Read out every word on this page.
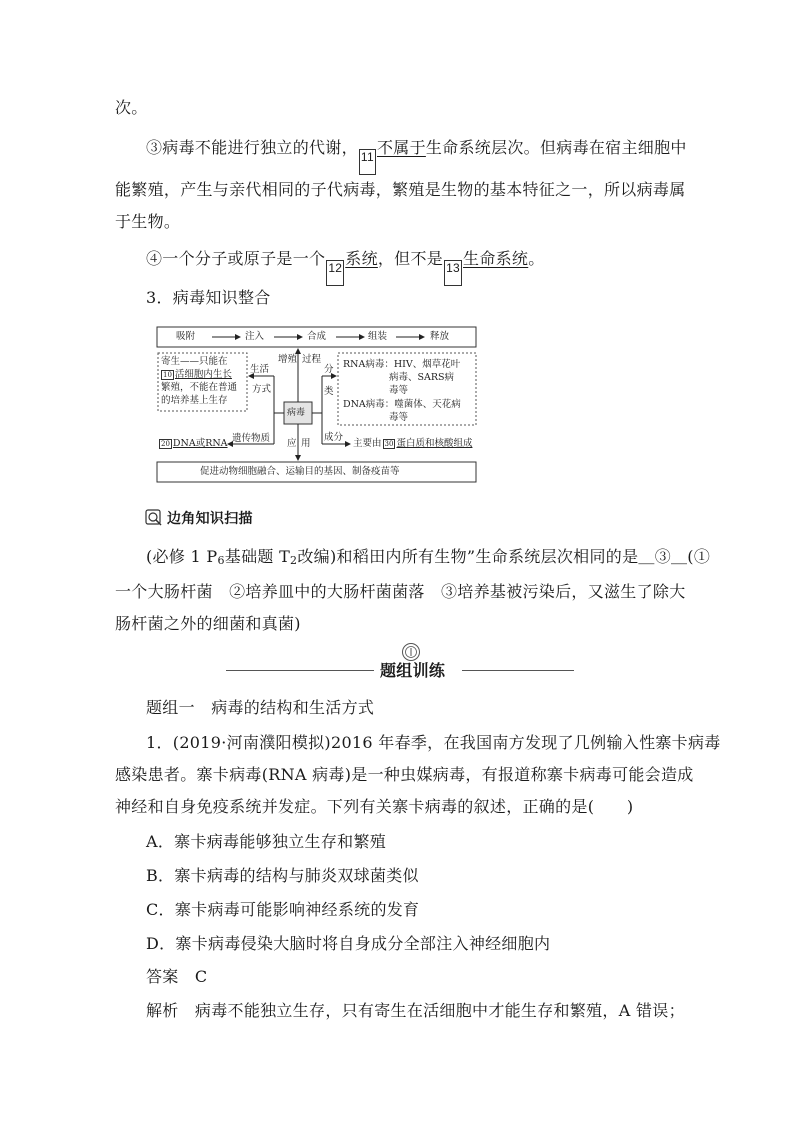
次。
③病毒不能进行独立的代谢， 11 不属于生命系统层次。但病毒在宿主细胞中
能繁殖，产生与亲代相同的子代病毒，繁殖是生物的基本特征之一，所以病毒属
于生物。
④一个分子或原子是一个 12 系统，但不是 13 生命系统。
3．病毒知识整合
吸附	注入	合成	组装	释放
寄生——只能在
10 活细胞内生长
繁殖，不能在普通
的培养基上生存
生活
方式
增殖 过程
病毒
分
类
RNA病毒：HIV、烟草花叶
病毒、SARS病
毒等
DNA病毒：噬菌体、天花病
毒等
20 DNA或RNA 遗传物质 应 用
成分
主要由 30 蛋白质和核酸组成
促进动物细胞融合、运输目的基因、制备疫苗等
边角知识扫描
(必修 1 P6基础题 T2改编)和稻田内所有生物”生命系统层次相同的是＿③＿(①
一个大肠杆菌　②培养皿中的大肠杆菌菌落　③培养基被污染后，又滋生了除大
肠杆菌之外的细菌和真菌)
题组训练
题组一　病毒的结构和生活方式
1．(2019·河南濮阳模拟)2016 年春季，在我国南方发现了几例输入性寨卡病毒
感染患者。寨卡病毒(RNA 病毒)是一种虫媒病毒，有报道称寨卡病毒可能会造成
神经和自身免疫系统并发症。下列有关寨卡病毒的叙述，正确的是(　　)
A．寨卡病毒能够独立生存和繁殖
B．寨卡病毒的结构与肺炎双球菌类似
C．寨卡病毒可能影响神经系统的发育
D．寨卡病毒侵染大脑时将自身成分全部注入神经细胞内
答案　 C
解析　 病毒不能独立生存，只有寄生在活细胞中才能生存和繁殖，A 错误；
